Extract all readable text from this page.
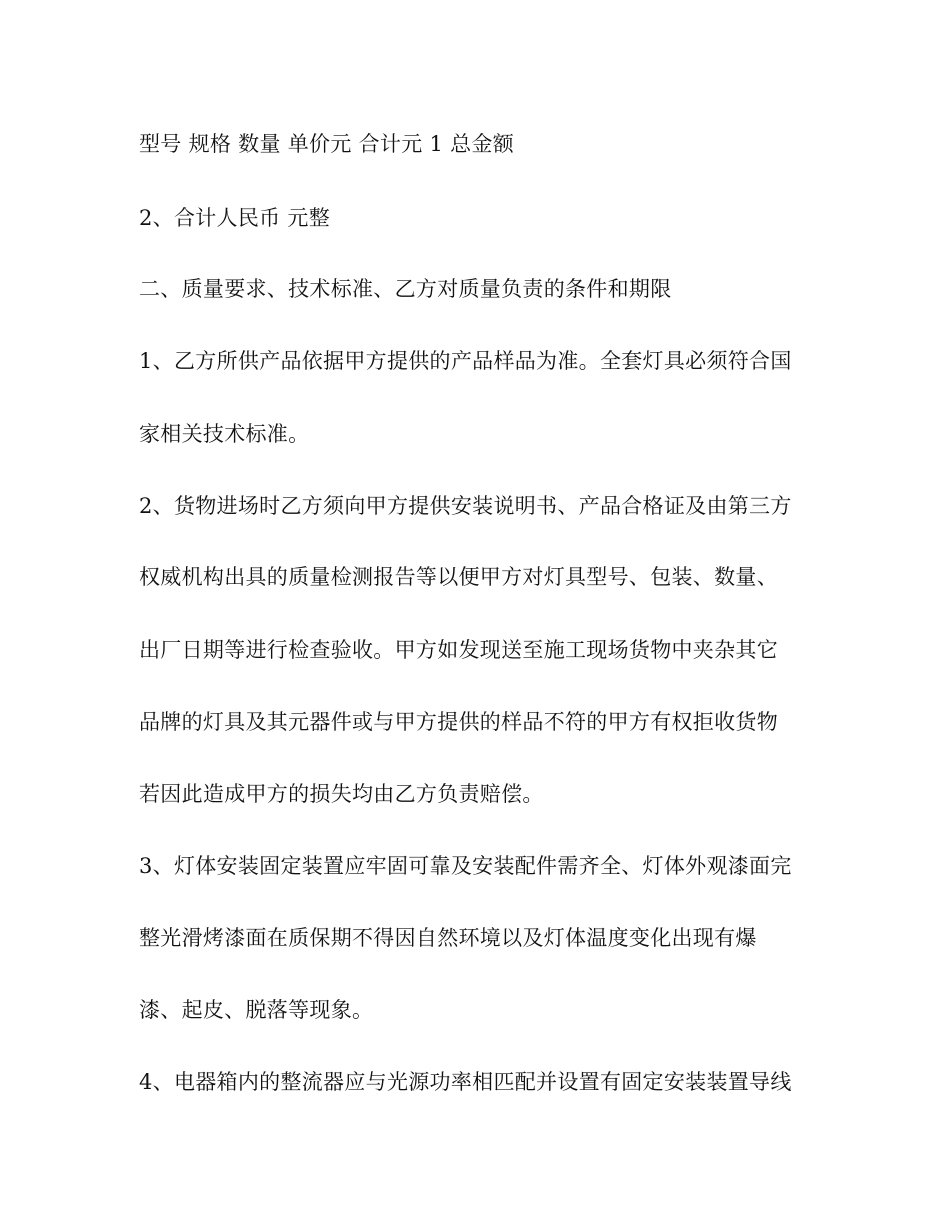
型号 规格 数量 单价元 合计元 1 总金额
2、合计人民币 元整
二、质量要求、技术标准、乙方对质量负责的条件和期限
1、乙方所供产品依据甲方提供的产品样品为准。全套灯具必须符合国
家相关技术标准。
2、货物进场时乙方须向甲方提供安装说明书、产品合格证及由第三方
权威机构出具的质量检测报告等以便甲方对灯具型号、包装、数量、
出厂日期等进行检查验收。甲方如发现送至施工现场货物中夹杂其它
品牌的灯具及其元器件或与甲方提供的样品不符的甲方有权拒收货物
若因此造成甲方的损失均由乙方负责赔偿。
3、灯体安装固定装置应牢固可靠及安装配件需齐全、灯体外观漆面完
整光滑烤漆面在质保期不得因自然环境以及灯体温度变化出现有爆
漆、起皮、脱落等现象。
4、电器箱内的整流器应与光源功率相匹配并设置有固定安装装置导线
